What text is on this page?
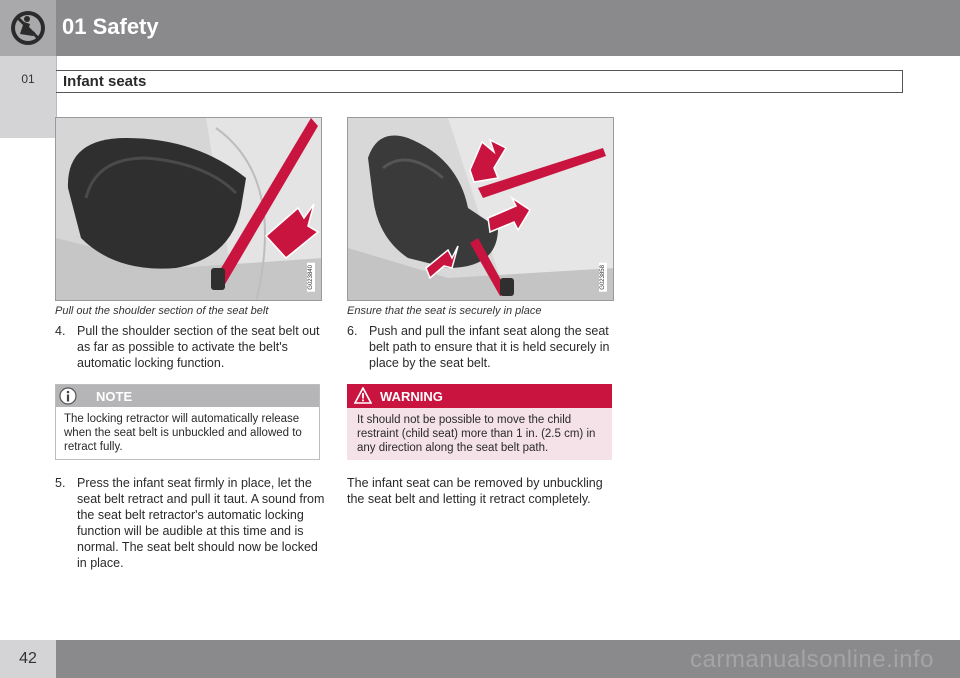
01 Safety
01	Infant seats
G023840

Pull out the shoulder section of the seat belt

G023858

Ensure that the seat is securely in place

4. Pull the shoulder section of the seat belt out as far as possible to activate the belt's automatic locking function.
NOTE
The locking retractor will automatically release when the seat belt is unbuckled and allowed to retract fully.
5. Press the infant seat firmly in place, let the seat belt retract and pull it taut. A sound from the seat belt retractor's automatic locking function will be audible at this time and is normal. The seat belt should now be locked in place.
6. Push and pull the infant seat along the seat belt path to ensure that it is held securely in place by the seat belt.
WARNING
It should not be possible to move the child restraint (child seat) more than 1 in. (2.5 cm) in any direction along the seat belt path.

The infant seat can be removed by unbuckling the seat belt and letting it retract completely.

42	carmanualsonline.info
